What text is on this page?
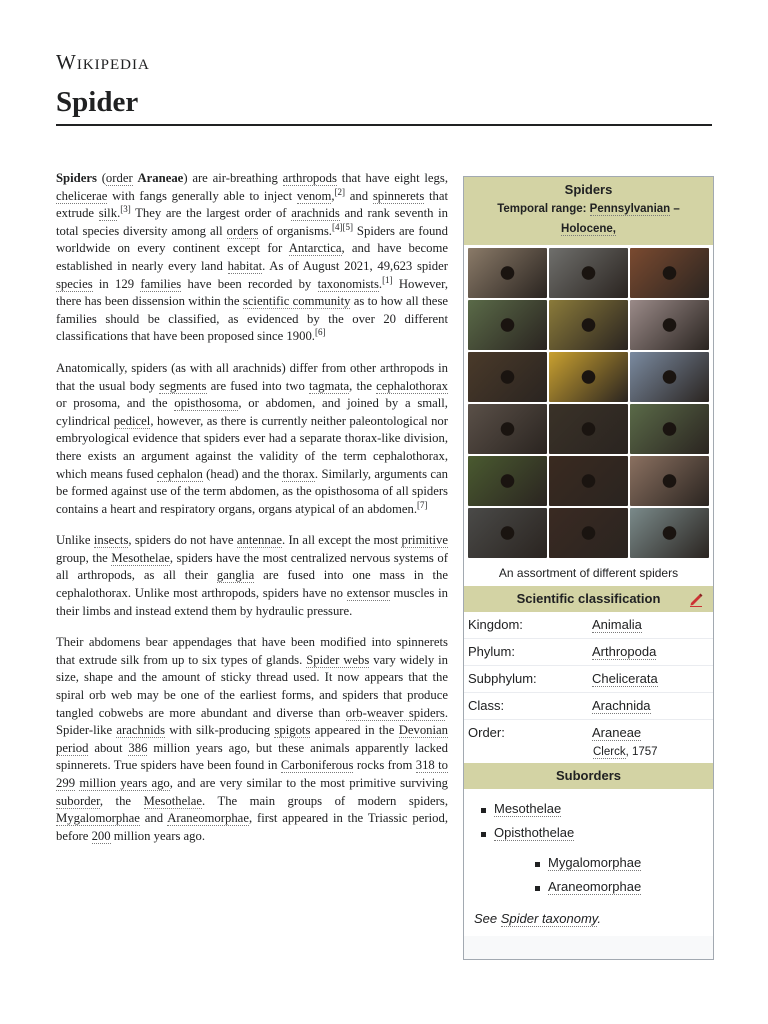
Wikipedia
Spider

Spiders (order Araneae) are air-breathing arthropods that have eight legs, chelicerae with fangs generally able to inject venom,[2] and spinnerets that extrude silk.[3] They are the largest order of arachnids and rank seventh in total species diversity among all orders of organisms.[4][5] Spiders are found worldwide on every continent except for Antarctica, and have become established in nearly every land habitat. As of August 2021, 49,623 spider species in 129 families have been recorded by taxonomists.[1] However, there has been dissension within the scientific community as to how all these families should be classified, as evidenced by the over 20 different classifications that have been proposed since 1900.[6]

Anatomically, spiders (as with all arachnids) differ from other arthropods in that the usual body segments are fused into two tagmata, the cephalothorax or prosoma, and the opisthosoma, or abdomen, and joined by a small, cylindrical pedicel, however, as there is currently neither paleontological nor embryological evidence that spiders ever had a separate thorax-like division, there exists an argument against the validity of the term cephalothorax, which means fused cephalon (head) and the thorax. Similarly, arguments can be formed against use of the term abdomen, as the opisthosoma of all spiders contains a heart and respiratory organs, organs atypical of an abdomen.[7]

Unlike insects, spiders do not have antennae. In all except the most primitive group, the Mesothelae, spiders have the most centralized nervous systems of all arthropods, as all their ganglia are fused into one mass in the cephalothorax. Unlike most arthropods, spiders have no extensor muscles in their limbs and instead extend them by hydraulic pressure.

Their abdomens bear appendages that have been modified into spinnerets that extrude silk from up to six types of glands. Spider webs vary widely in size, shape and the amount of sticky thread used. It now appears that the spiral orb web may be one of the earliest forms, and spiders that produce tangled cobwebs are more abundant and diverse than orb-weaver spiders. Spider-like arachnids with silk-producing spigots appeared in the Devonian period about 386 million years ago, but these animals apparently lacked spinnerets. True spiders have been found in Carboniferous rocks from 318 to 299 million years ago, and are very similar to the most primitive surviving suborder, the Mesothelae. The main groups of modern spiders, Mygalomorphae and Araneomorphae, first appeared in the Triassic period, before 200 million years ago.

Spiders
Temporal range: Pennsylvanian –
Holocene,
An assortment of different spiders
Scientific classification
Kingdom:	Animalia
Phylum:	Arthropoda
Subphylum:	Chelicerata
Class:	Arachnida
Order:	Araneae
Clerck, 1757
Suborders
Mesothelae
Opisthothelae
Mygalomorphae
Araneomorphae
See Spider taxonomy.
